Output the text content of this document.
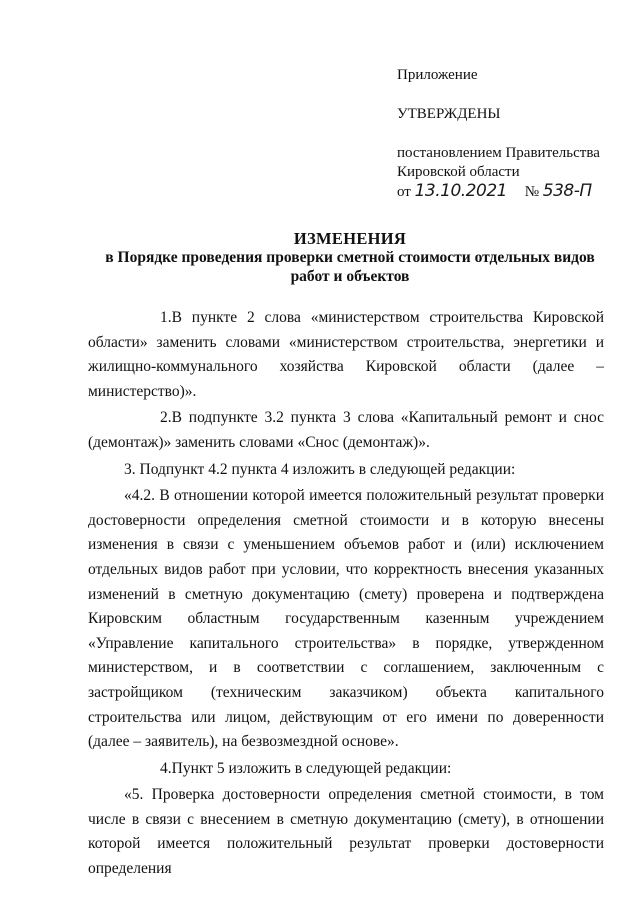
Приложение
УТВЕРЖДЕНЫ
постановлением Правительства
Кировской области
от 13.10.2021 № 538-П
ИЗМЕНЕНИЯ
в Порядке проведения проверки сметной стоимости отдельных видов
работ и объектов

1.В пункте 2 слова «министерством строительства Кировской области» заменить словами «министерством строительства, энергетики и жилищно-коммунального хозяйства Кировской области (далее – министерство)».

2.В подпункте 3.2 пункта 3 слова «Капитальный ремонт и снос (демонтаж)» заменить словами «Снос (демонтаж)».

3. Подпункт 4.2 пункта 4 изложить в следующей редакции:

«4.2. В отношении которой имеется положительный результат проверки достоверности определения сметной стоимости и в которую внесены изменения в связи с уменьшением объемов работ и (или) исключением отдельных видов работ при условии, что корректность внесения указанных изменений в сметную документацию (смету) проверена и подтверждена Кировским областным государственным казенным учреждением «Управление капитального строительства» в порядке, утвержденном министерством, и в соответствии с соглашением, заключенным с застройщиком (техническим заказчиком) объекта капитального строительства или лицом, действующим от его имени по доверенности (далее – заявитель), на безвозмездной основе».

4.Пункт 5 изложить в следующей редакции:

«5. Проверка достоверности определения сметной стоимости, в том числе в связи с внесением в сметную документацию (смету), в отношении которой имеется положительный результат проверки достоверности определения
